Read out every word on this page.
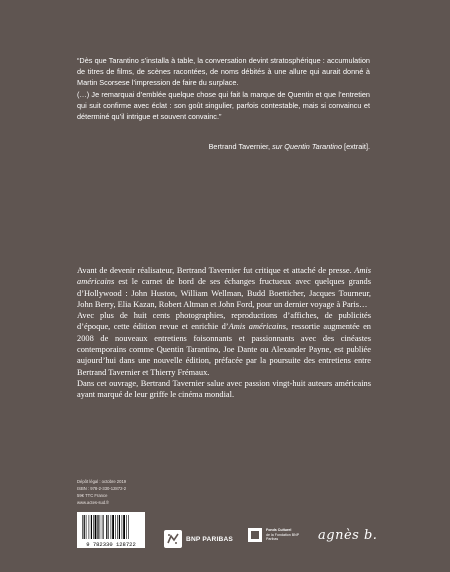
“Dès que Tarantino s’installa à table, la conversation devint stratosphérique : accumulation de titres de films, de scènes racontées, de noms débités à une allure qui aurait donné à Martin Scorsese l’impression de faire du surplace.

(…) Je remarquai d’emblée quelque chose qui fait la marque de Quentin et que l’entretien qui suit confirme avec éclat : son goût singulier, parfois contestable, mais si convaincu et déterminé qu’il intrigue et souvent convainc.”

Bertrand Tavernier, sur Quentin Tarantino [extrait].

Avant de devenir réalisateur, Bertrand Tavernier fut critique et attaché de presse. Amis américains est le carnet de bord de ses échanges fructueux avec quelques grands d’Hollywood : John Huston, William Wellman, Budd Boetticher, Jacques Tourneur, John Berry, Elia Kazan, Robert Altman et John Ford, pour un dernier voyage à Paris…

Avec plus de huit cents photographies, reproductions d’affiches, de publicités d’époque, cette édition revue et enrichie d’Amis américains, ressortie augmentée en 2008 de nouveaux entretiens foisonnants et passionnants avec des cinéastes contemporains comme Quentin Tarantino, Joe Dante ou Alexander Payne, est publiée aujourd’hui dans une nouvelle édition, préfacée par la poursuite des entretiens entre Bertrand Tavernier et Thierry Frémaux.

Dans cet ouvrage, Bertrand Tavernier salue avec passion vingt-huit auteurs américains ayant marqué de leur griffe le cinéma mondial.

Dépôt légal : octobre 2019
ISBN : 978-2-330-12872-2
59€ TTC France
www.actes-sud.fr
9 782330 128722
BNP PARIBAS
Fonds Culturel
de la Fondation BNP Paribas	agnès b.
